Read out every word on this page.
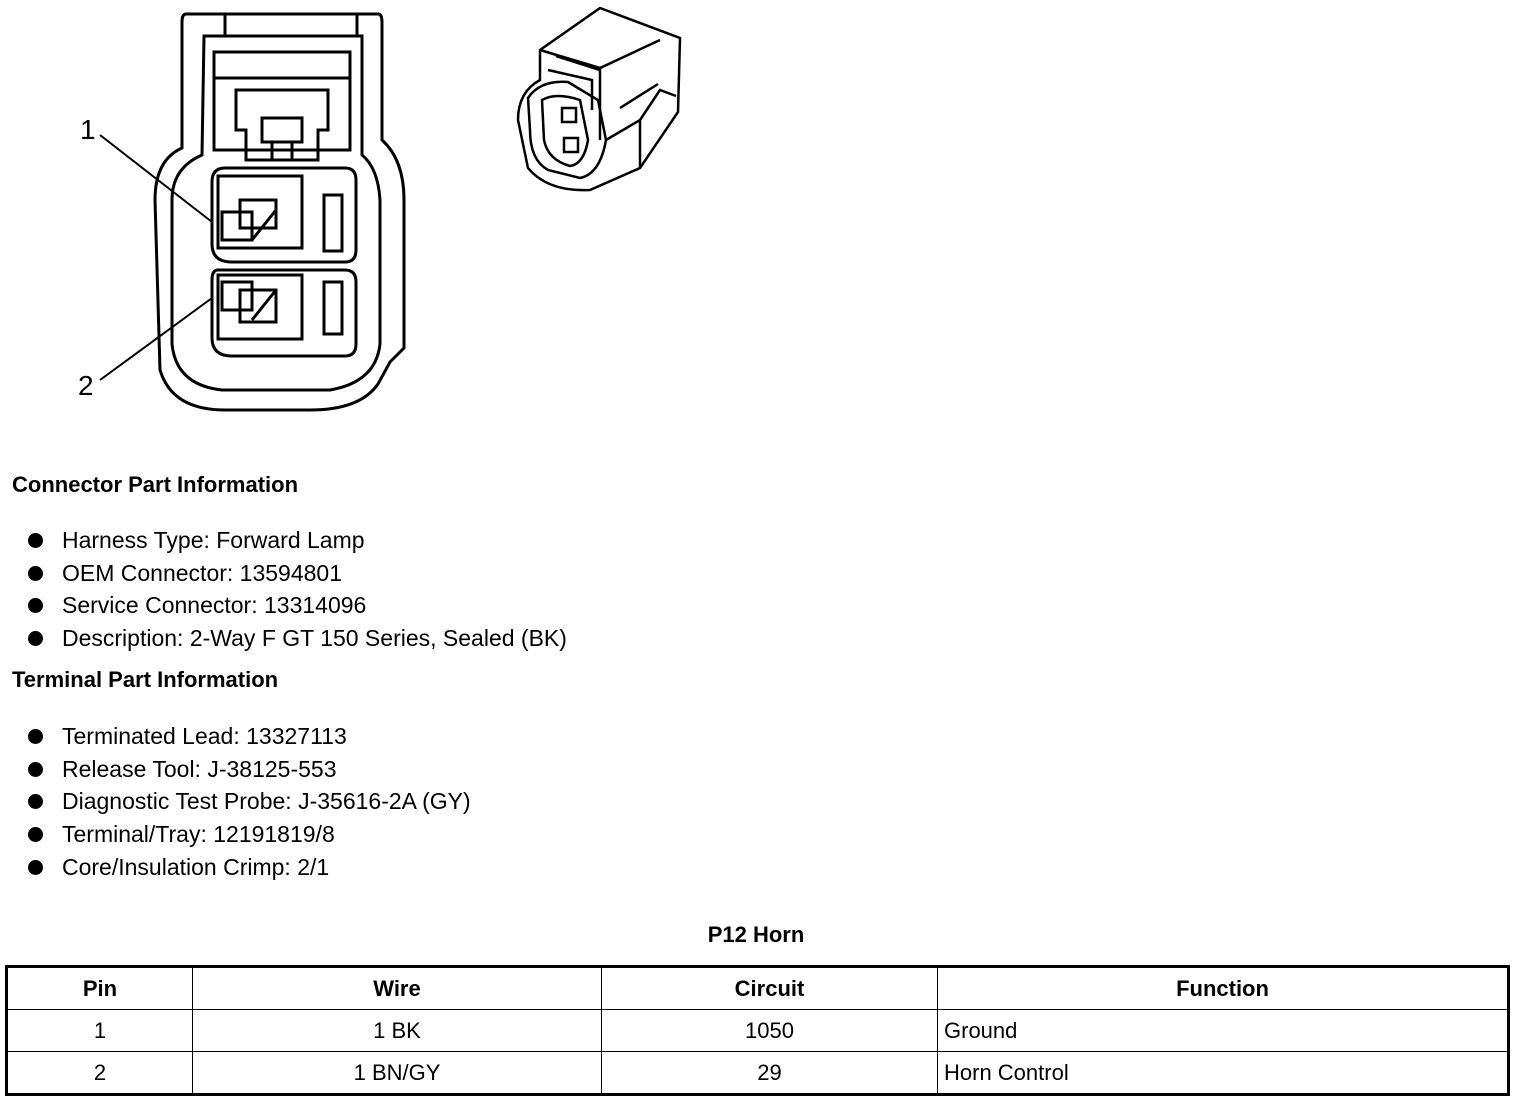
1
2
Connector Part Information
Harness Type: Forward Lamp
OEM Connector: 13594801
Service Connector: 13314096
Description: 2-Way F GT 150 Series, Sealed (BK)
Terminal Part Information
Terminated Lead: 13327113
Release Tool: J-38125-553
Diagnostic Test Probe: J-35616-2A (GY)
Terminal/Tray: 12191819/8
Core/Insulation Crimp: 2/1
P12 Horn
Pin	Wire	Circuit	Function
1	1 BK	1050	Ground
2	1 BN/GY	29	Horn Control
